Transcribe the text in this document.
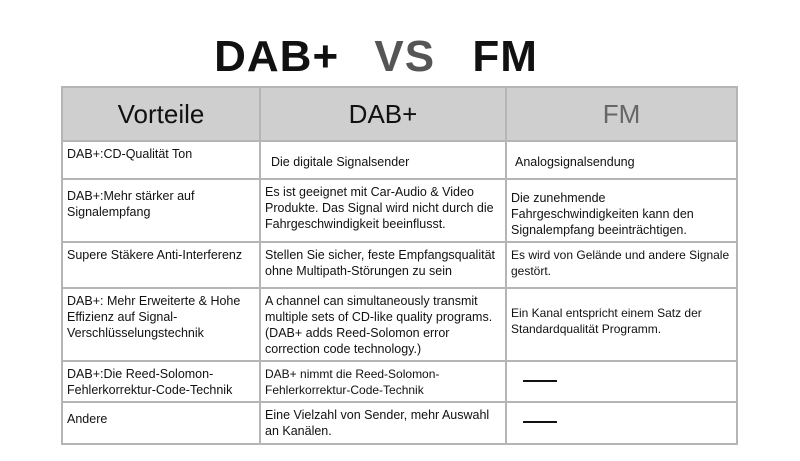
DAB+ VS FM
Vorteile	DAB+	FM
DAB+:CD-Qualität Ton	Die digitale Signalsender	Analogsignalsendung
DAB+:Mehr stärker auf Signalempfang	Es ist geeignet mit Car-Audio & Video Produkte. Das Signal wird nicht durch die Fahrgeschwindigkeit beeinflusst.	Die zunehmende Fahrgeschwindigkeiten kann den Signalempfang beeinträchtigen.
Supere Stäkere Anti-Interferenz	Stellen Sie sicher, feste Empfangsqualität ohne Multipath-Störungen zu sein	Es wird von Gelände und andere Signale gestört.
DAB+: Mehr Erweiterte & Hohe Effizienz auf Signal-Verschlüsselungstechnik	A channel can simultaneously transmit multiple sets of CD-like quality programs. (DAB+ adds Reed-Solomon error correction code technology.)	Ein Kanal entspricht einem Satz der Standardqualität Programm.
DAB+:Die Reed-Solomon-Fehlerkorrektur-Code-Technik	DAB+ nimmt die Reed-Solomon-Fehlerkorrektur-Code-Technik	
Andere	Eine Vielzahl von Sender, mehr Auswahl an Kanälen.	
